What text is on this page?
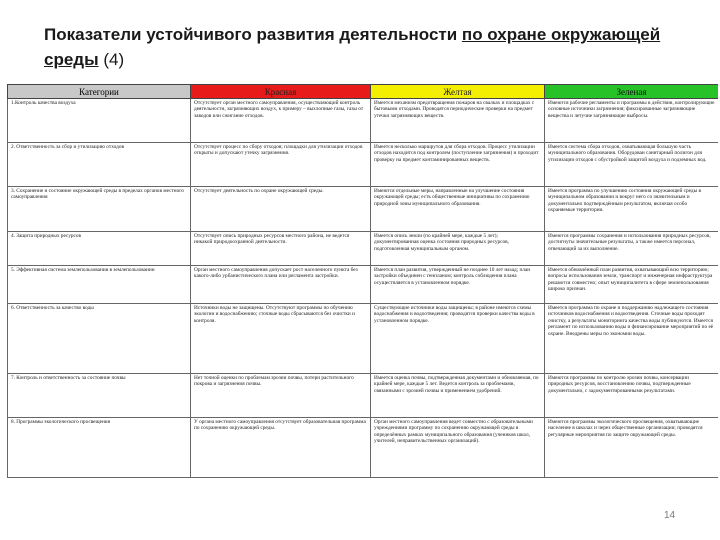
Показатели устойчивого развития деятельности по охране окружающей среды (4)
Категории	Красная	Желтая	Зеленая
1.Контроль качества воздуха	Отсутствует орган местного самоуправления, осуществляющий контроль деятельности, загрязняющих воздух, к примеру – выхлопные газы, газы от заводов или сжигание отходов.	Имеется механизм предотвращения пожаров на свалках и площадках с бытовыми отходами. Проводятся периодические проверки на предмет утечки загрязняющих веществ.	Имеются рабочие регламенты и программы в действии, контролирующие основные источники загрязнения; фиксированные загрязняющие вещества и летучие загрязняющие выбросы.
2. Ответственность за сбор и утилизацию отходов	Отсутствует процесс по сбору отходов; площадки для утилизации отходов открыты и допускают утечку загрязнения.	Имеется несколько маршрутов для сбора отходов. Процесс утилизации отходов находится под контролем (поступление загрязнения) и проходит проверку на предмет контаминированных веществ.	Имеется система сбора отходов, охватывающая большую часть муниципального образования. Оборудован санитарный полигон для утилизации отходов с обустройкой защитой воздуха и подземных вод.
3. Сохранение и состояние окружающей среды в пределах органов местного самоуправления	Отсутствует деятельность по охране окружающей среды.	Имеются отдельные меры, направленные на улучшение состояния окружающей среды; есть общественные инициативы по сохранению природной зоны муниципального образования.	Имеется программа по улучшению состояния окружающей среды в муниципальном образовании и вокруг него со значительным и документально подтверждённым результатом, включая особо охраняемые территории.
4. Защита природных ресурсов	Отсутствует опись природных ресурсов местного района, не ведется никакой природоохранной деятельности.	Имеется опись земли (по крайней мере, каждые 5 лет); документированная оценка состояния природных ресурсов, подготовленная муниципальным органом.	Имеются программы сохранения и использования природных ресурсов, достигнуты значительные результаты, а также имеется персонал, отвечающий за их выполнение.
5. Эффективная система землепользования в землепользовании	Орган местного самоуправления допускает рост населенного пункта без какого-либо урбанистического плана или регламента застройки.	Имеется план развития, утвержденный не позднее 10 лет назад; план застройки объединен с генпланом; контроль соблюдения плана осуществляется в установленном порядке.	Имеется обновлённый план развития, охватывающий всю территорию; вопросы использования земли, транспорт и инженерная инфраструктура решаются совместно; опыт муниципалитета в сфере землепользования широко признан.
6. Ответственность за качество воды	Источники воды не защищены. Отсутствуют программы по обучению экологии и водоснабжению; сточные воды сбрасываются без очистки и контроля.	Существующие источники воды защищены; в районе имеются схемы водоснабжения и водоотведения; проводятся проверки качества воды в установленном порядке.	Имеется программа по охране и поддержанию надлежащего состояния источников водоснабжения и водоотведения. Сточные воды проходят очистку, а результаты мониторинга качества воды публикуются. Имеется регламент по использованию воды и финансирование мероприятий по её охране. Внедрены меры по экономии воды.
7. Контроль и ответственность за состояние почвы	Нет точной оценки по проблемам эрозии почвы, потери растительного покрова и загрязнения почвы.	Имеется оценка почвы, подтвержденная документами и обновляемая, по крайней мере, каждые 5 лет. Ведется контроль за проблемами, связанными с эрозией почвы и применением удобрений.	Имеются программы по контролю эрозии почвы, консервации природных ресурсов, восстановлению почвы, подтвержденные документально, с задокументированными результатами.
8. Программы экологического просвещения	У органа местного самоуправления отсутствует образовательная программа по сохранению окружающей среды.	Орган местного самоуправления ведет совместно с образовательными учреждениями программу по сохранению окружающей среды в определённых рамках муниципального образования (учеников школ, учителей, неправительственных организаций).	Имеются программы экологического просвещения, охватывающие население в школах и через общественные организации; проводятся регулярные мероприятия по защите окружающей среды.
14
